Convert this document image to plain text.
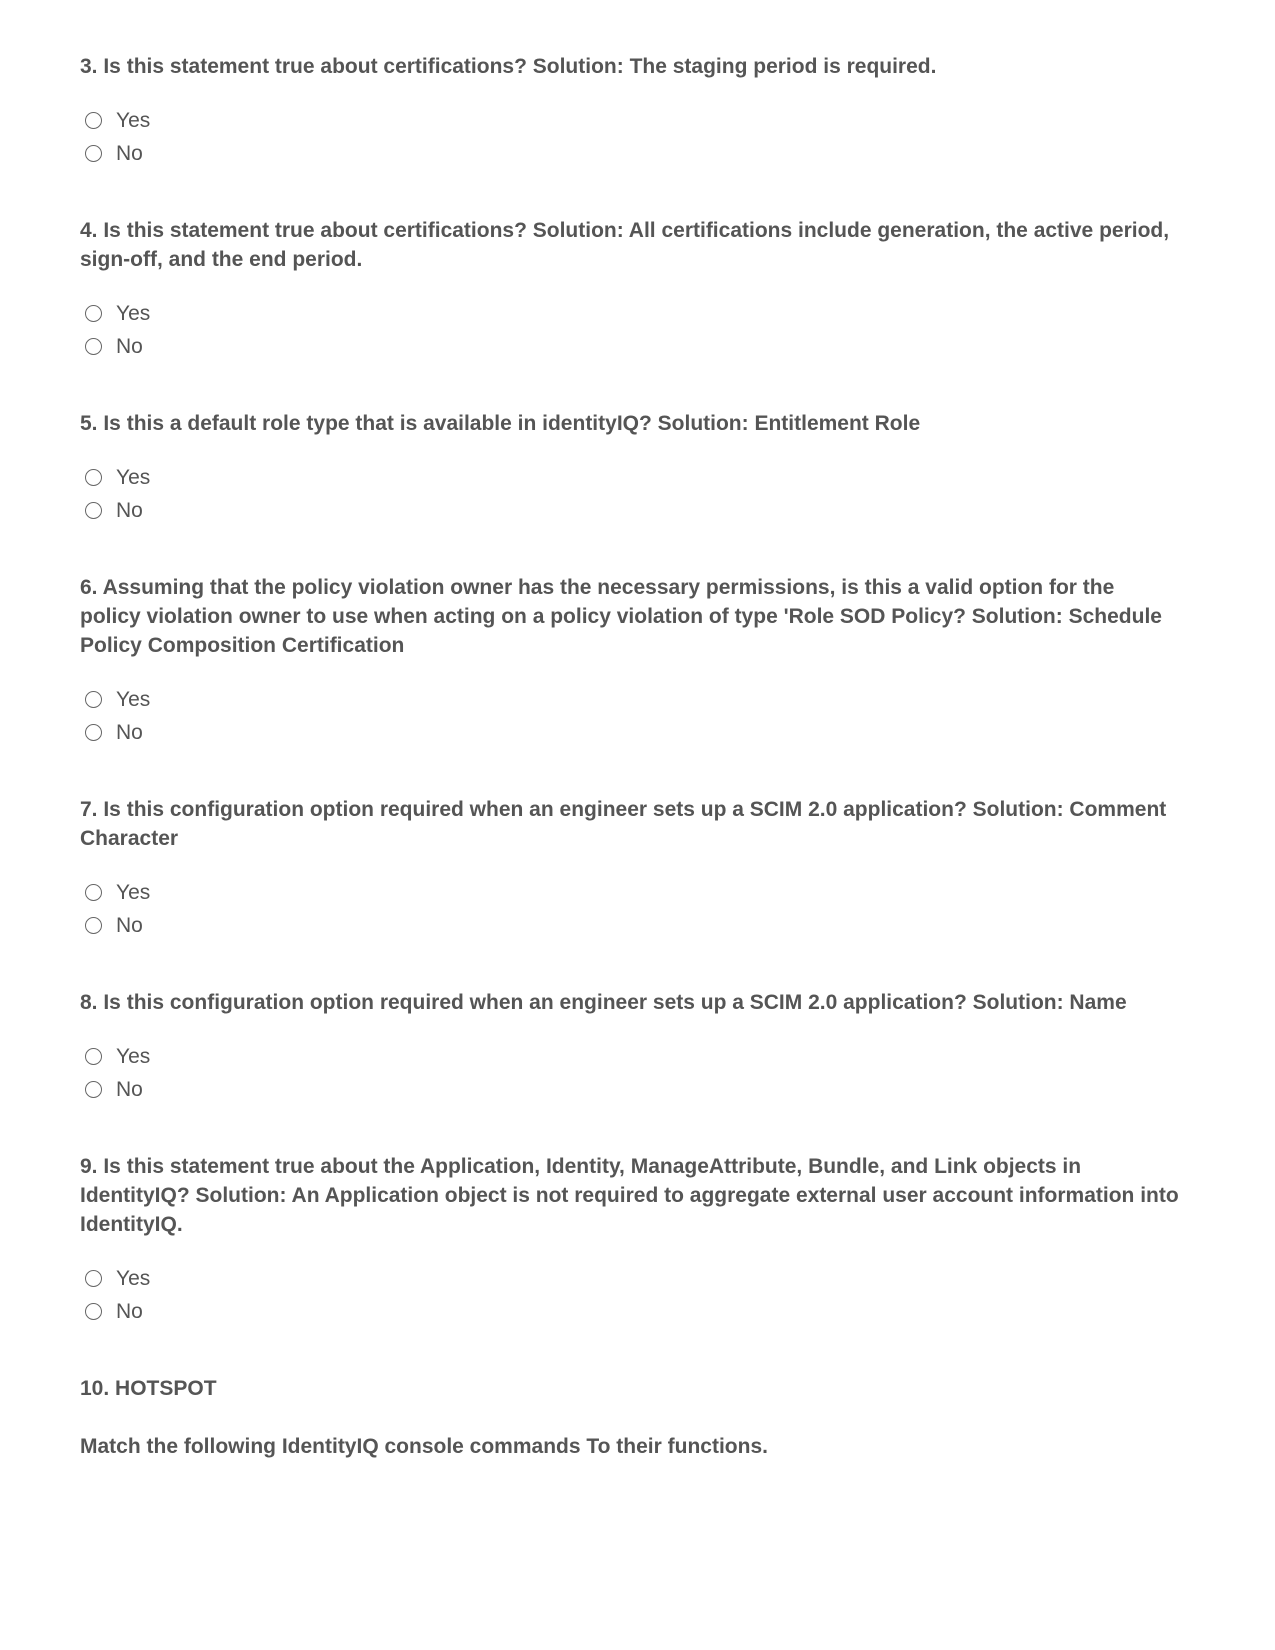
3. Is this statement true about certifications? Solution: The staging period is required.

Yes
No

4. Is this statement true about certifications? Solution: All certifications include generation, the active period, sign-off, and the end period.

Yes
No

5. Is this a default role type that is available in identityIQ? Solution: Entitlement Role

Yes
No

6. Assuming that the policy violation owner has the necessary permissions, is this a valid option for the policy violation owner to use when acting on a policy violation of type 'Role SOD Policy? Solution: Schedule Policy Composition Certification

Yes
No

7. Is this configuration option required when an engineer sets up a SCIM 2.0 application? Solution: Comment Character

Yes
No

8. Is this configuration option required when an engineer sets up a SCIM 2.0 application? Solution: Name

Yes
No

9. Is this statement true about the Application, Identity, ManageAttribute, Bundle, and Link objects in IdentityIQ? Solution: An Application object is not required to aggregate external user account information into IdentityIQ.

Yes
No

10. HOTSPOT

Match the following IdentityIQ console commands To their functions.
